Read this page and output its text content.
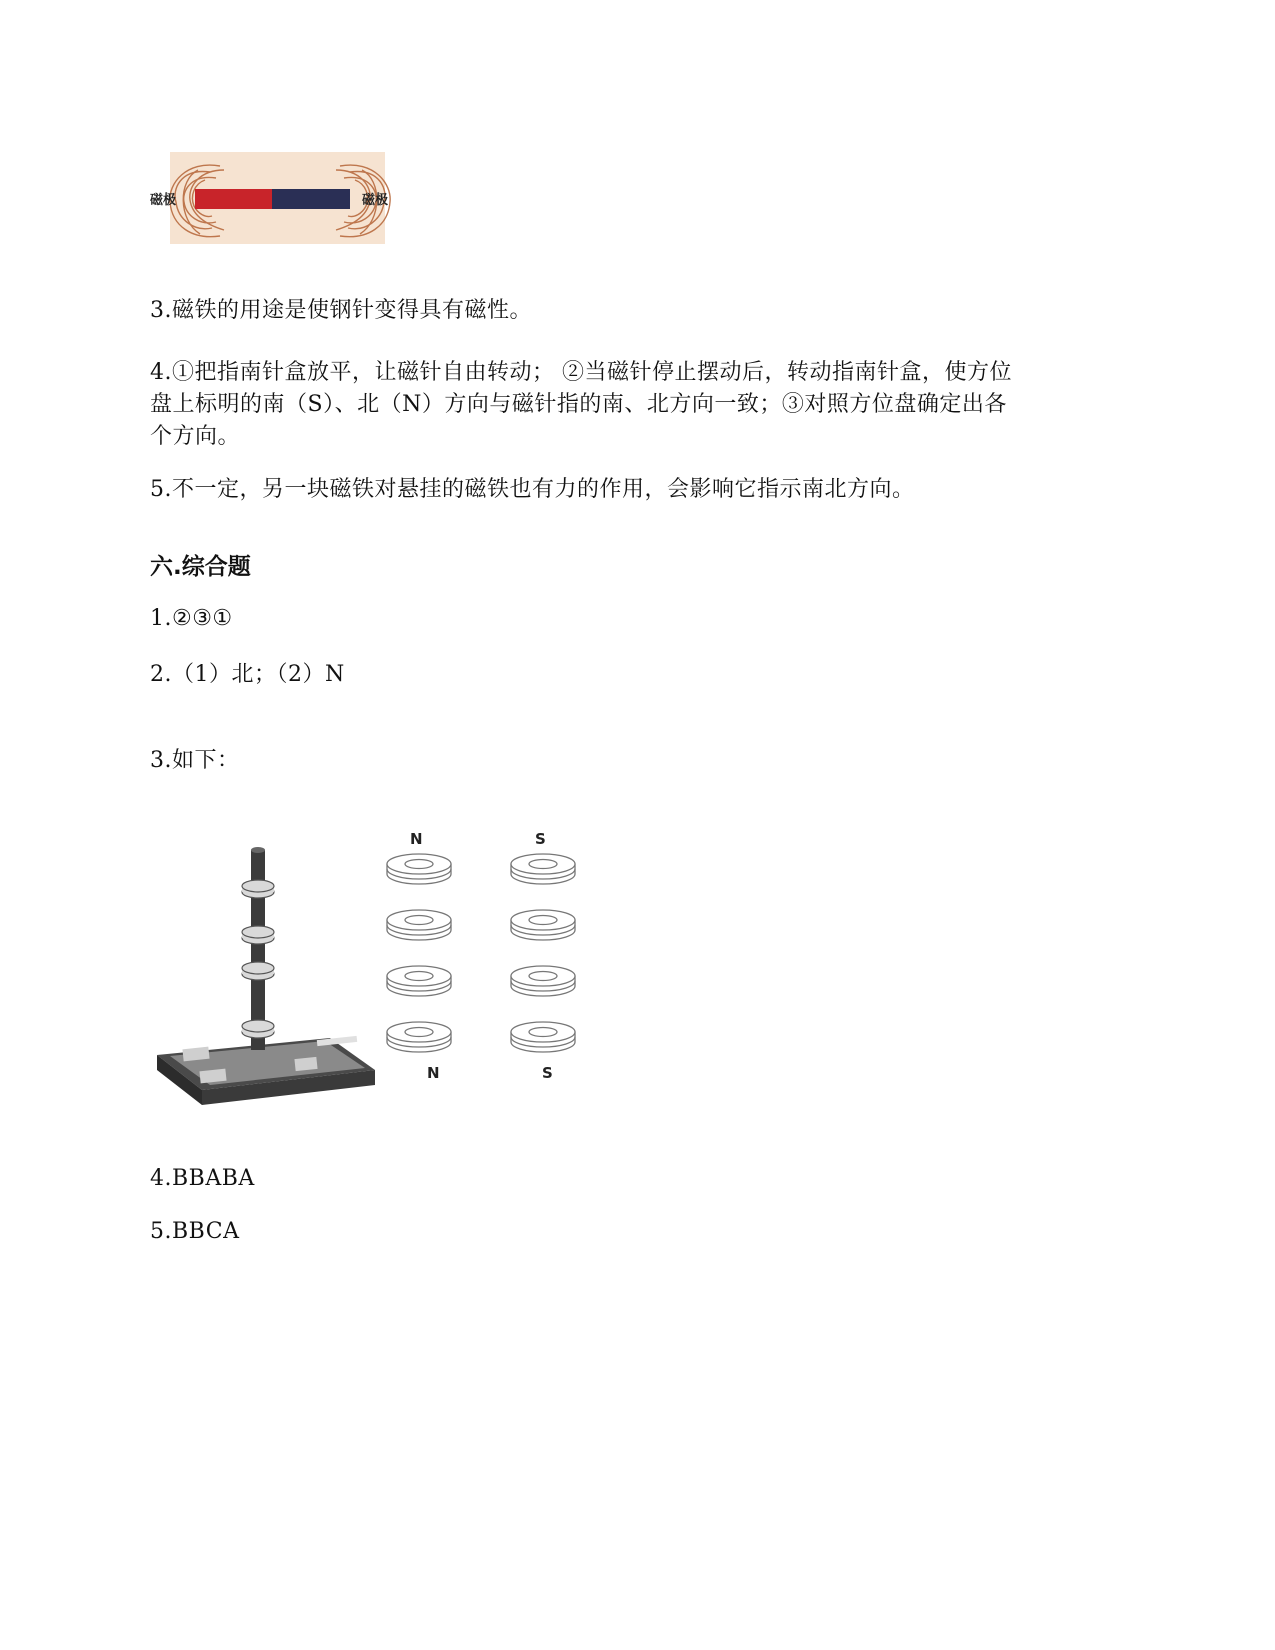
磁极	磁极
3.磁铁的用途是使钢针变得具有磁性。
4.①把指南针盒放平，让磁针自由转动； ②当磁针停止摆动后，转动指南针盒，使方位
盘上标明的南（S）、北（N）方向与磁针指的南、北方向一致；③对照方位盘确定出各
个方向。
5.不一定，另一块磁铁对悬挂的磁铁也有力的作用，会影响它指示南北方向。
六.综合题
1.②③①
2.（1）北；（2）N
3.如下：
N	S
N	S
4.BBABA
5.BBCA
